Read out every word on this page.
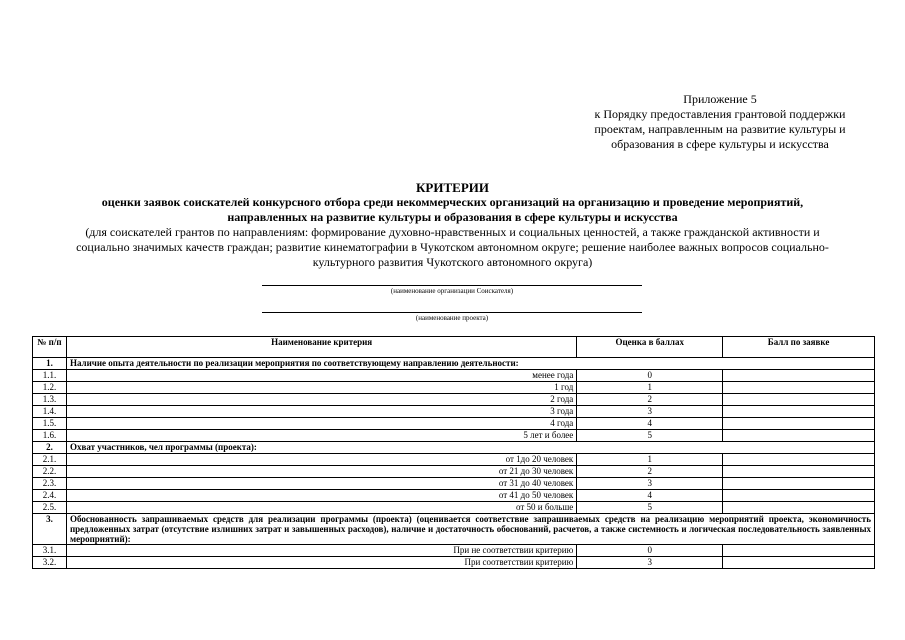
Приложение 5
к Порядку предоставления грантовой поддержки
проектам, направленным на развитие культуры и
образования в сфере культуры и искусства
КРИТЕРИИ
оценки заявок соискателей конкурсного отбора среди некоммерческих организаций на организацию и проведение мероприятий,
направленных на развитие культуры и образования в сфере культуры и искусства
(для соискателей грантов по направлениям: формирование духовно-нравственных и социальных ценностей, а также гражданской активности и
социально значимых качеств граждан; развитие кинематографии в Чукотском автономном округе; решение наиболее важных вопросов социально-
культурного развития Чукотского автономного округа)
(наименование организации Соискателя)
(наименование проекта)
№ п/п	Наименование критерия	Оценка в баллах	Балл по заявке
1.	Наличие опыта деятельности по реализации мероприятия по соответствующему направлению деятельности:		
1.1.	менее года	0	
1.2.	1 год	1	
1.3.	2 года	2	
1.4.	3 года	3	
1.5.	4 года	4	
1.6.	5 лет и более	5	
2.	Охват участников, чел программы (проекта):		
2.1.	от 1до 20 человек	1	
2.2.	от 21 до 30 человек	2	
2.3.	от 31 до 40 человек	3	
2.4.	от 41 до 50 человек	4	
2.5.	от 50 и больше	5	
3.	Обоснованность запрашиваемых средств для реализации программы (проекта) (оценивается соответствие запрашиваемых средств на реализацию мероприятий проекта, экономичность предложенных затрат (отсутствие излишних затрат и завышенных расходов), наличие и достаточность обоснований, расчетов, а также системность и логическая последовательность заявленных мероприятий):		
3.1.	При не соответствии критерию	0	
3.2.	При соответствии критерию	3	
